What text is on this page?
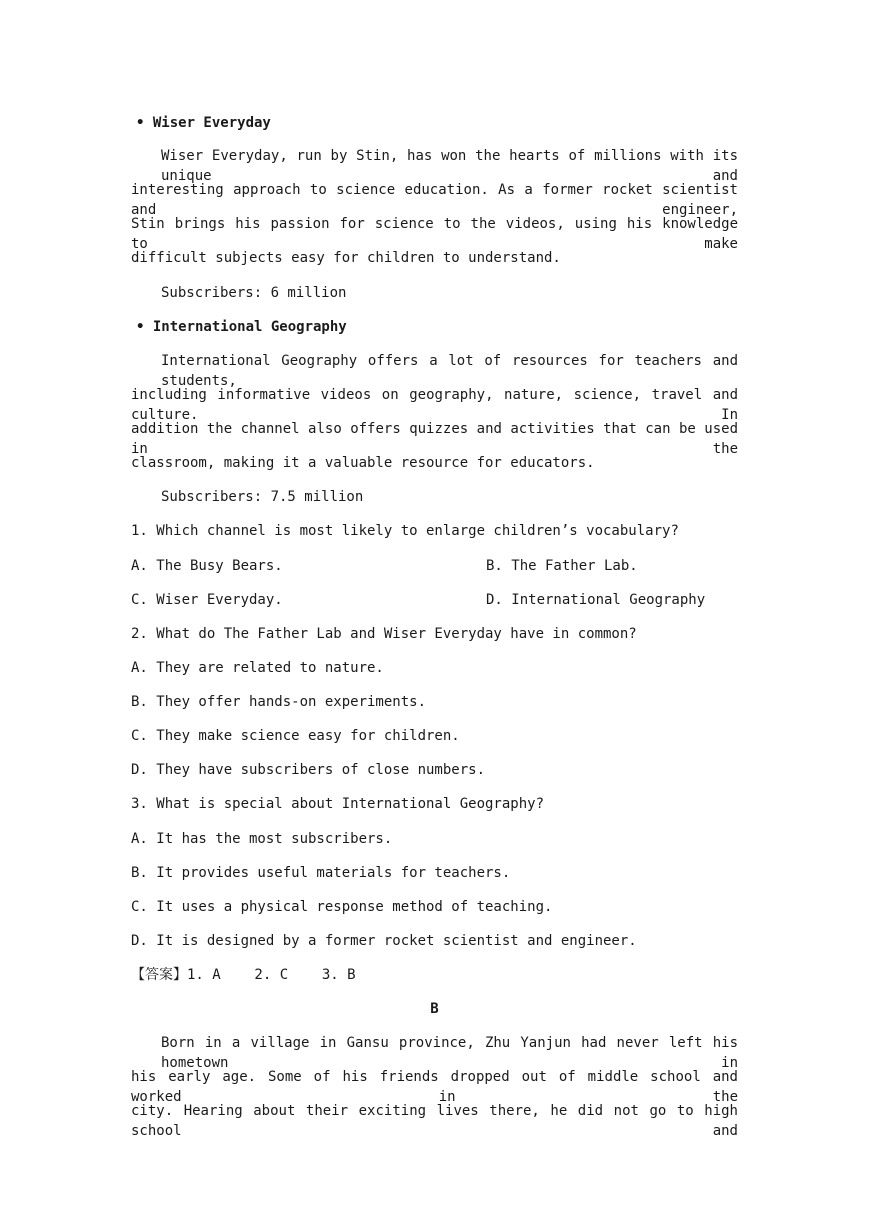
• Wiser Everyday
Wiser Everyday, run by Stin, has won the hearts of millions with its unique and
interesting approach to science education. As a former rocket scientist and engineer,
Stin brings his passion for science to the videos, using his knowledge to make
difficult subjects easy for children to understand.
Subscribers: 6 million
• International Geography
International Geography offers a lot of resources for teachers and students,
including informative videos on geography, nature, science, travel and culture. In
addition the channel also offers quizzes and activities that can be used in the
classroom, making it a valuable resource for educators.
Subscribers: 7.5 million
1. Which channel is most likely to enlarge children’s vocabulary?
A. The Busy Bears.	B. The Father Lab.
C. Wiser Everyday.	D. International Geography
2. What do The Father Lab and Wiser Everyday have in common?
A. They are related to nature.
B. They offer hands-on experiments.
C. They make science easy for children.
D. They have subscribers of close numbers.
3. What is special about International Geography?
A. It has the most subscribers.
B. It provides useful materials for teachers.
C. It uses a physical response method of teaching.
D. It is designed by a former rocket scientist and engineer.
【答案】1. A    2. C    3. B
B
Born in a village in Gansu province, Zhu Yanjun had never left his hometown in
his early age. Some of his friends dropped out of middle school and worked in the
city. Hearing about their exciting lives there, he did not go to high school and
